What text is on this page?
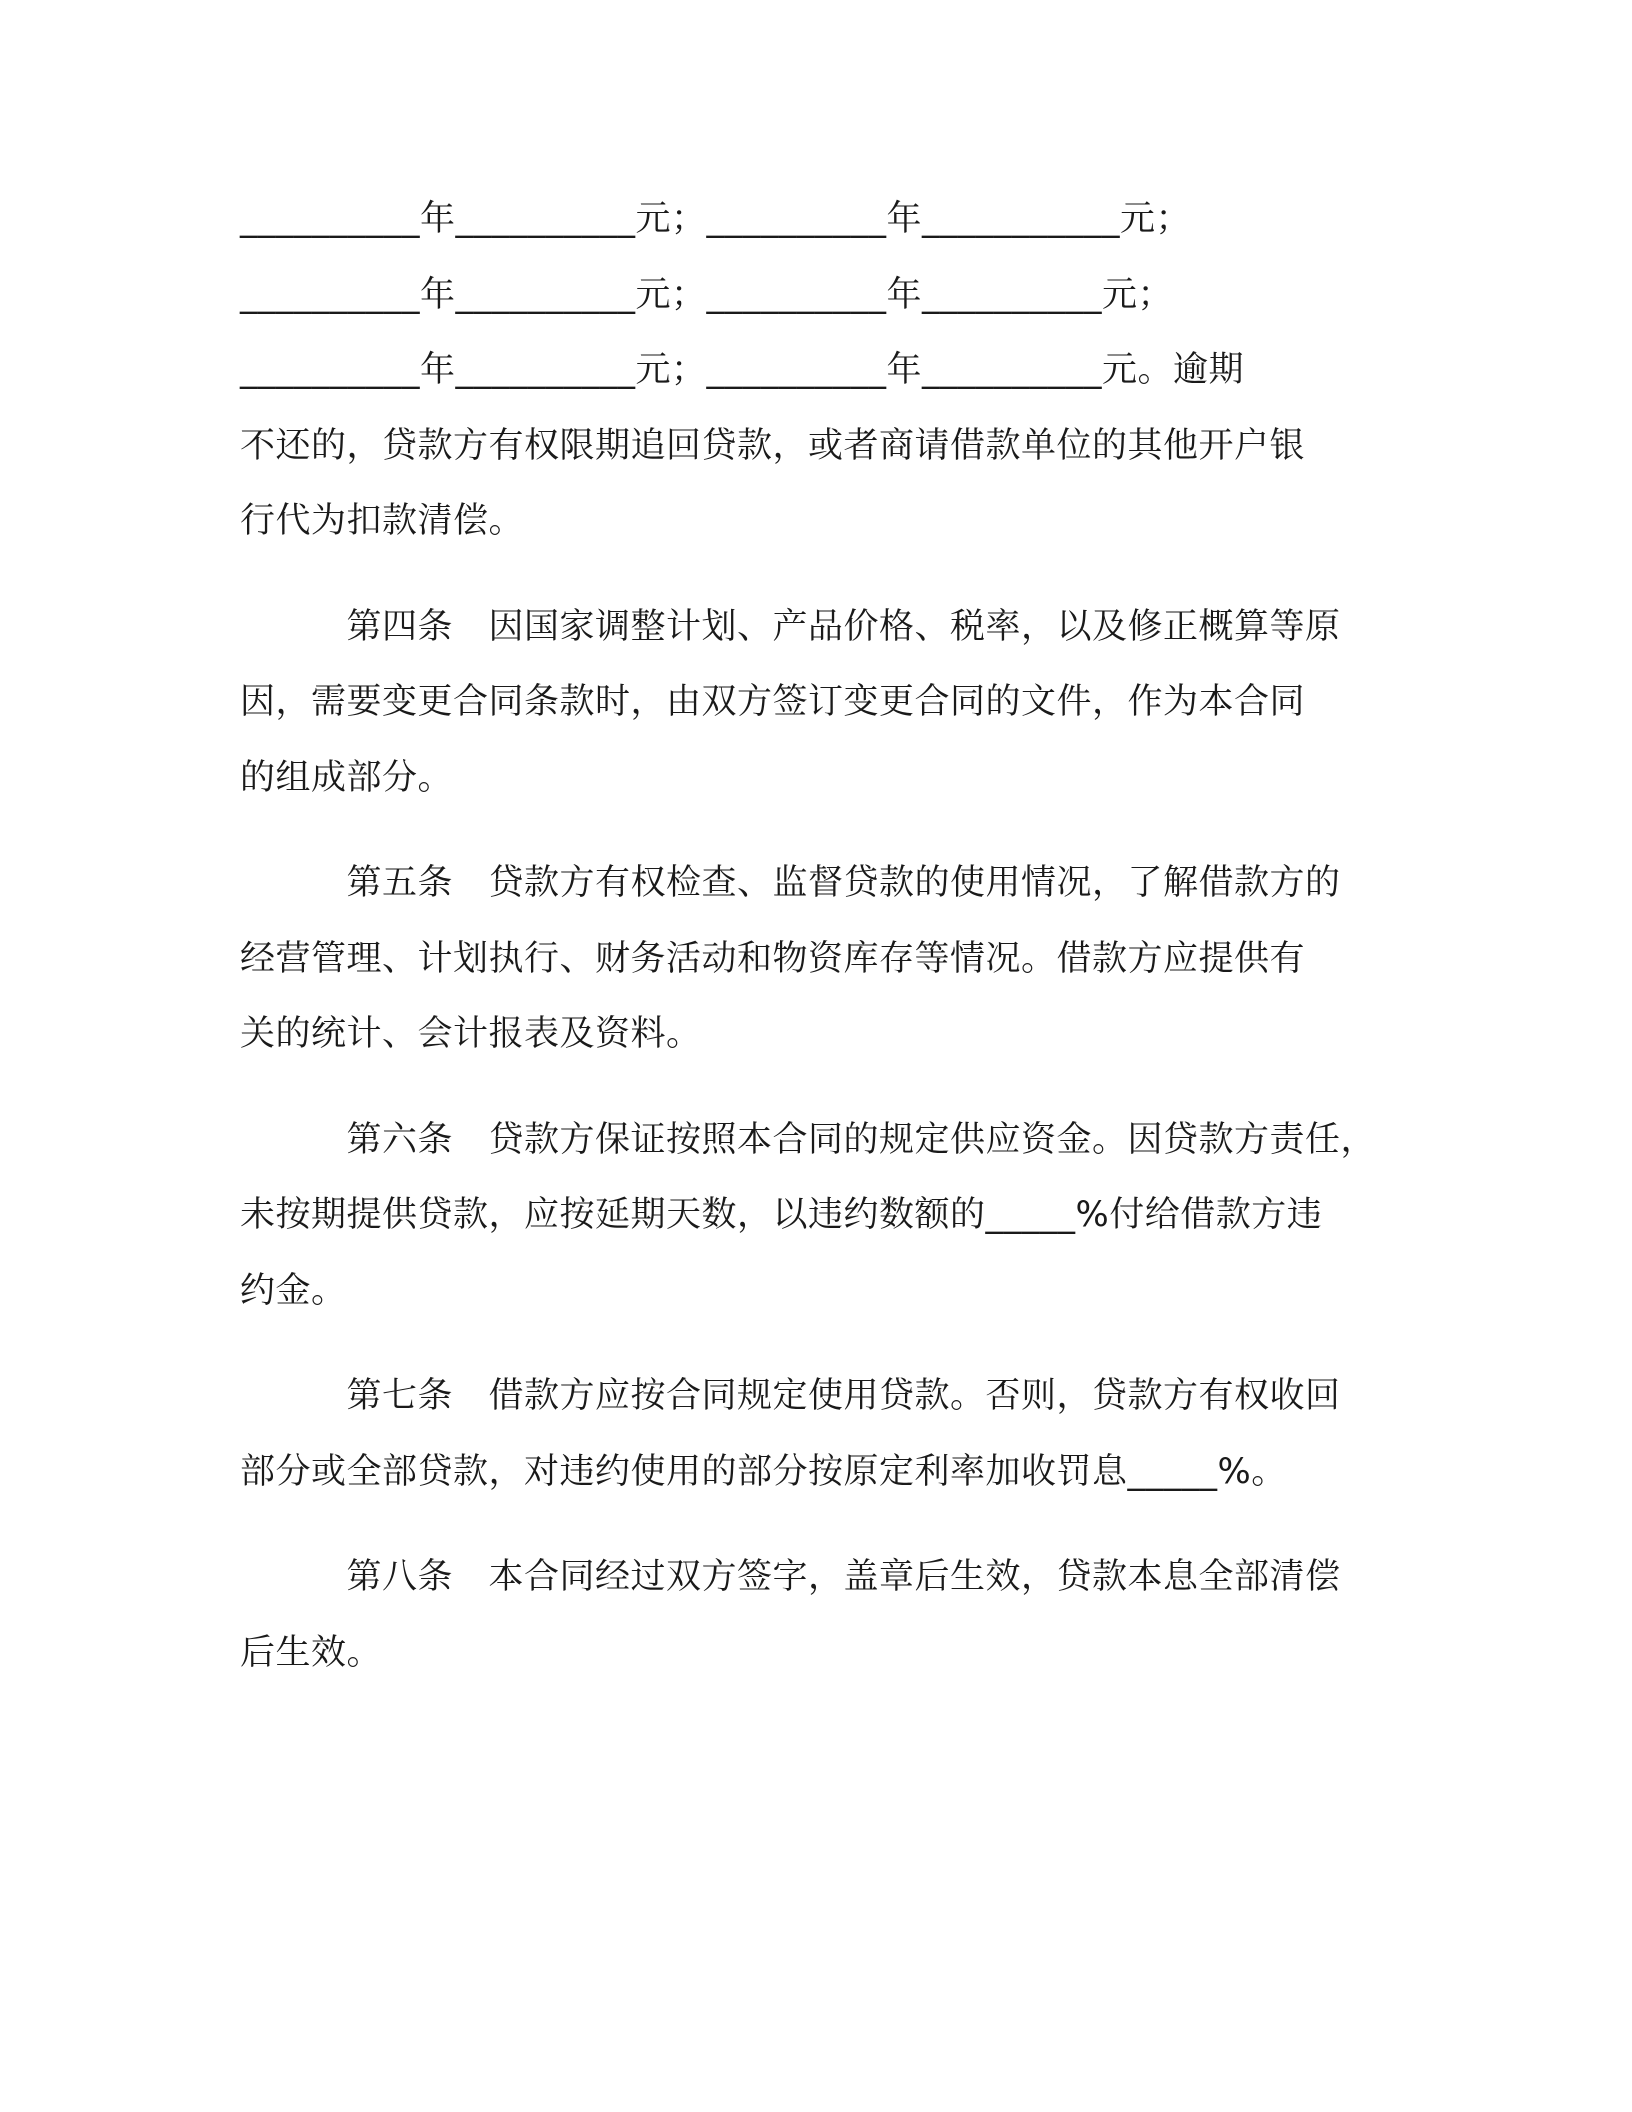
__________年__________元；__________年___________元；
__________年__________元；__________年__________元；
__________年__________元；__________年__________元。逾期
不还的，贷款方有权限期追回贷款，或者商请借款单位的其他开户银
行代为扣款清偿。
　　　第四条　因国家调整计划、产品价格、税率，以及修正概算等原
因，需要变更合同条款时，由双方签订变更合同的文件，作为本合同
的组成部分。
　　　第五条　贷款方有权检查、监督贷款的使用情况，了解借款方的
经营管理、计划执行、财务活动和物资库存等情况。借款方应提供有
关的统计、会计报表及资料。
　　　第六条　贷款方保证按照本合同的规定供应资金。因贷款方责任，
未按期提供贷款，应按延期天数，以违约数额的_____%付给借款方违
约金。
　　　第七条　借款方应按合同规定使用贷款。否则，贷款方有权收回
部分或全部贷款，对违约使用的部分按原定利率加收罚息_____%。
　　　第八条　本合同经过双方签字，盖章后生效，贷款本息全部清偿
后生效。
